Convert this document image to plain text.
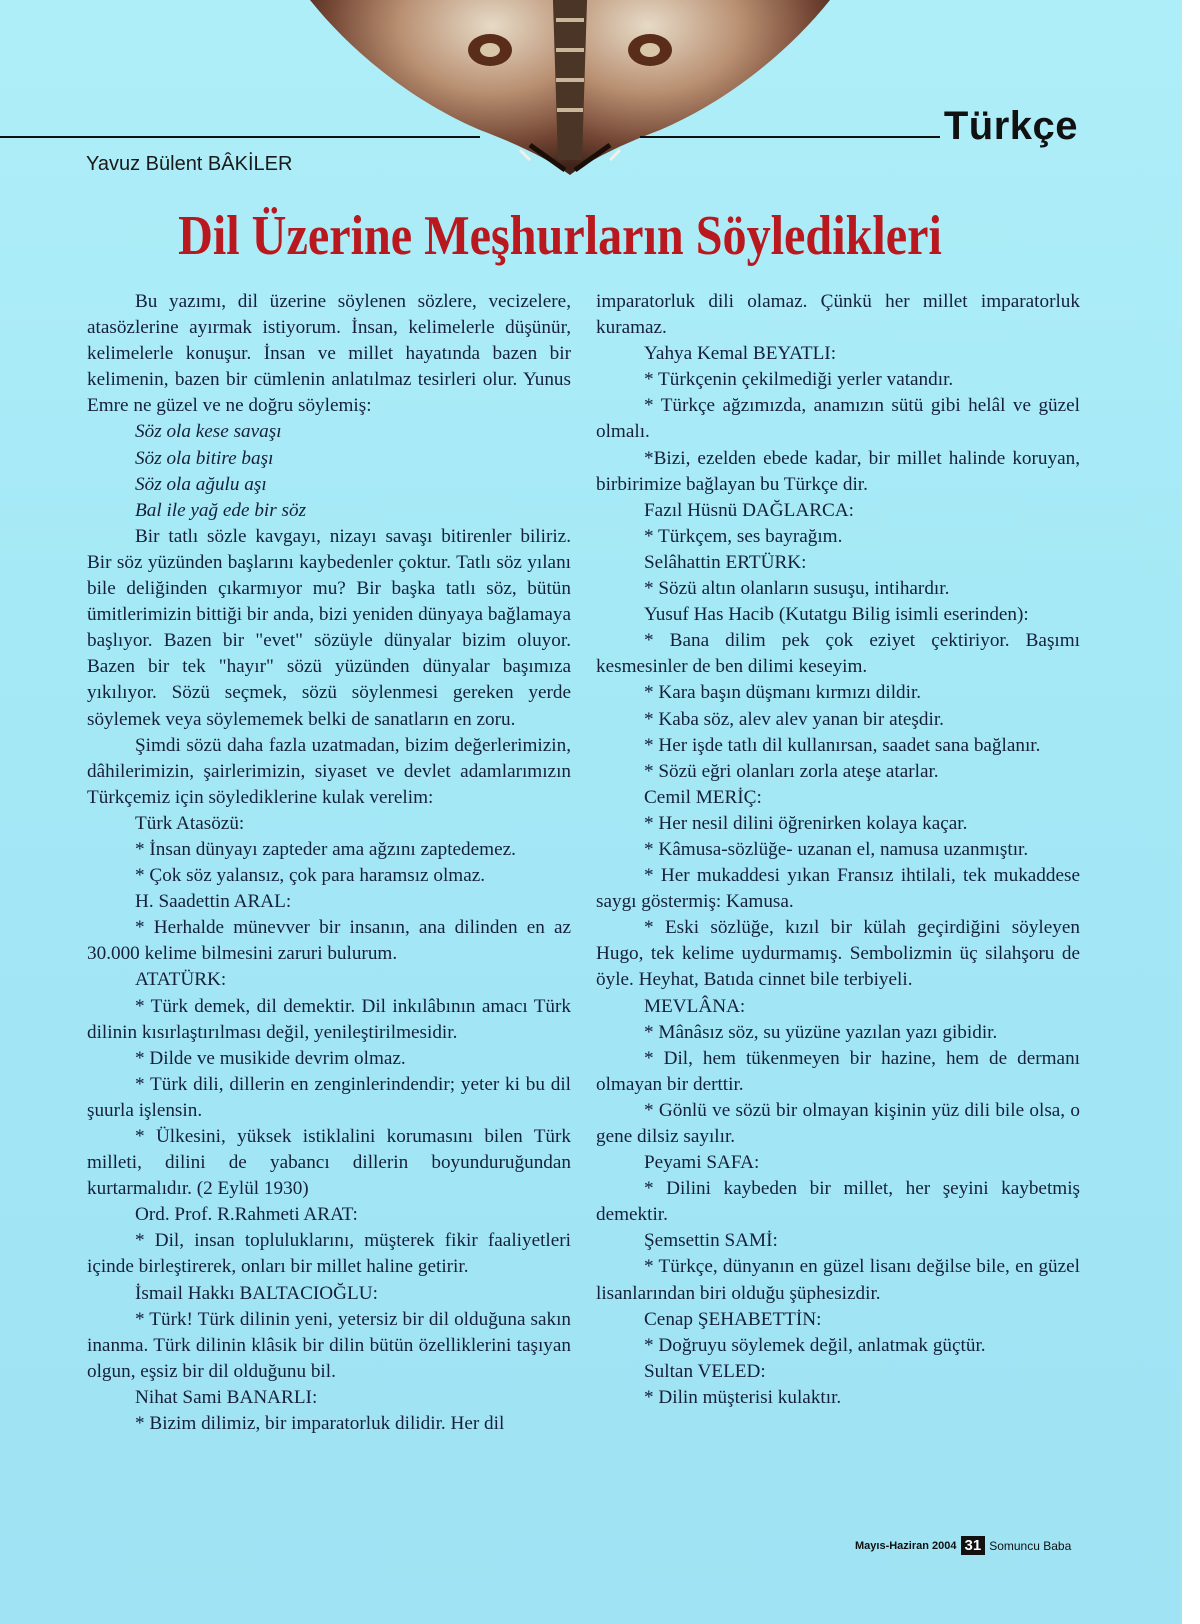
Türkçe
Yavuz Bülent BÂKİLER
Dil Üzerine Meşhurların Söyledikleri

Bu yazımı, dil üzerine söylenen sözlere, vecizelere, atasözlerine ayırmak istiyorum. İnsan, kelimelerle düşünür, kelimelerle konuşur. İnsan ve millet hayatında bazen bir kelimenin, bazen bir cümlenin anlatılmaz tesirleri olur. Yunus Emre ne güzel ve ne doğru söylemiş:

Söz ola kese savaşı

Söz ola bitire başı

Söz ola ağulu aşı

Bal ile yağ ede bir söz

Bir tatlı sözle kavgayı, nizayı savaşı bitirenler biliriz. Bir söz yüzünden başlarını kaybedenler çoktur. Tatlı söz yılanı bile deliğinden çıkarmıyor mu? Bir başka tatlı söz, bütün ümitlerimizin bittiği bir anda, bizi yeniden dünyaya bağlamaya başlıyor. Bazen bir "evet" sözüyle dünyalar bizim oluyor. Bazen bir tek "hayır" sözü yüzünden dünyalar başımıza yıkılıyor. Sözü seçmek, sözü söylenmesi gereken yerde söylemek veya söylememek belki de sanatların en zoru.

Şimdi sözü daha fazla uzatmadan, bizim değerlerimizin, dâhilerimizin, şairlerimizin, siyaset ve devlet adamlarımızın Türkçemiz için söylediklerine kulak verelim:

Türk Atasözü:

* İnsan dünyayı zapteder ama ağzını zaptedemez.

* Çok söz yalansız, çok para haramsız olmaz.

H. Saadettin ARAL:

* Herhalde münevver bir insanın, ana dilinden en az 30.000 kelime bilmesini zaruri bulurum.

ATATÜRK:

* Türk demek, dil demektir. Dil inkılâbının amacı Türk dilinin kısırlaştırılması değil, yenileştirilmesidir.

* Dilde ve musikide devrim olmaz.

* Türk dili, dillerin en zenginlerindendir; yeter ki bu dil şuurla işlensin.

* Ülkesini, yüksek istiklalini korumasını bilen Türk milleti, dilini de yabancı dillerin boyunduruğundan kurtarmalıdır. (2 Eylül 1930)

Ord. Prof. R.Rahmeti ARAT:

* Dil, insan topluluklarını, müşterek fikir faaliyetleri içinde birleştirerek, onları bir millet haline getirir.

İsmail Hakkı BALTACIOĞLU:

* Türk! Türk dilinin yeni, yetersiz bir dil olduğuna sakın inanma. Türk dilinin klâsik bir dilin bütün özelliklerini taşıyan olgun, eşsiz bir dil olduğunu bil.

Nihat Sami BANARLI:

* Bizim dilimiz, bir imparatorluk dilidir. Her dil

imparatorluk dili olamaz. Çünkü her millet imparatorluk kuramaz.

Yahya Kemal BEYATLI:

* Türkçenin çekilmediği yerler vatandır.

* Türkçe ağzımızda, anamızın sütü gibi helâl ve güzel olmalı.

*Bizi, ezelden ebede kadar, bir millet halinde koruyan, birbirimize bağlayan bu Türkçe dir.

Fazıl Hüsnü DAĞLARCA:

* Türkçem, ses bayrağım.

Selâhattin ERTÜRK:

* Sözü altın olanların susuşu, intihardır.

Yusuf Has Hacib (Kutatgu Bilig isimli eserinden):

* Bana dilim pek çok eziyet çektiriyor. Başımı kesmesinler de ben dilimi keseyim.

* Kara başın düşmanı kırmızı dildir.

* Kaba söz, alev alev yanan bir ateşdir.

* Her işde tatlı dil kullanırsan, saadet sana bağlanır.

* Sözü eğri olanları zorla ateşe atarlar.

Cemil MERİÇ:

* Her nesil dilini öğrenirken kolaya kaçar.

* Kâmusa-sözlüğe- uzanan el, namusa uzanmıştır.

* Her mukaddesi yıkan Fransız ihtilali, tek mukaddese saygı göstermiş: Kamusa.

* Eski sözlüğe, kızıl bir külah geçirdiğini söyleyen Hugo, tek kelime uydurmamış. Sembolizmin üç silahşoru de öyle. Heyhat, Batıda cinnet bile terbiyeli.

MEVLÂNA:

* Mânâsız söz, su yüzüne yazılan yazı gibidir.

* Dil, hem tükenmeyen bir hazine, hem de dermanı olmayan bir derttir.

* Gönlü ve sözü bir olmayan kişinin yüz dili bile olsa, o gene dilsiz sayılır.

Peyami SAFA:

* Dilini kaybeden bir millet, her şeyini kaybetmiş demektir.

Şemsettin SAMİ:

* Türkçe, dünyanın en güzel lisanı değilse bile, en güzel lisanlarından biri olduğu şüphesizdir.

Cenap ŞEHABETTİN:

* Doğruyu söylemek değil, anlatmak güçtür.

Sultan VELED:

* Dilin müşterisi kulaktır.

Mayıs-Haziran 2004 31 Somuncu Baba
